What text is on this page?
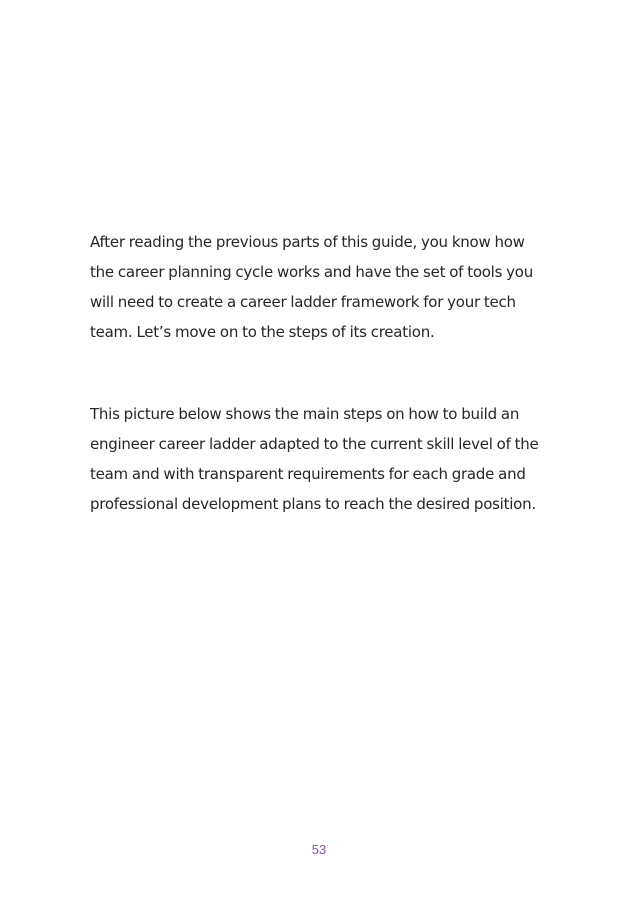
After reading the previous parts of this guide, you know how
the career planning cycle works and have the set of tools you
will need to create a career ladder framework for your tech
team. Let’s move on to the steps of its creation.

This picture below shows the main steps on how to build an
engineer career ladder adapted to the current skill level of the
team and with transparent requirements for each grade and
professional development plans to reach the desired position.

53
